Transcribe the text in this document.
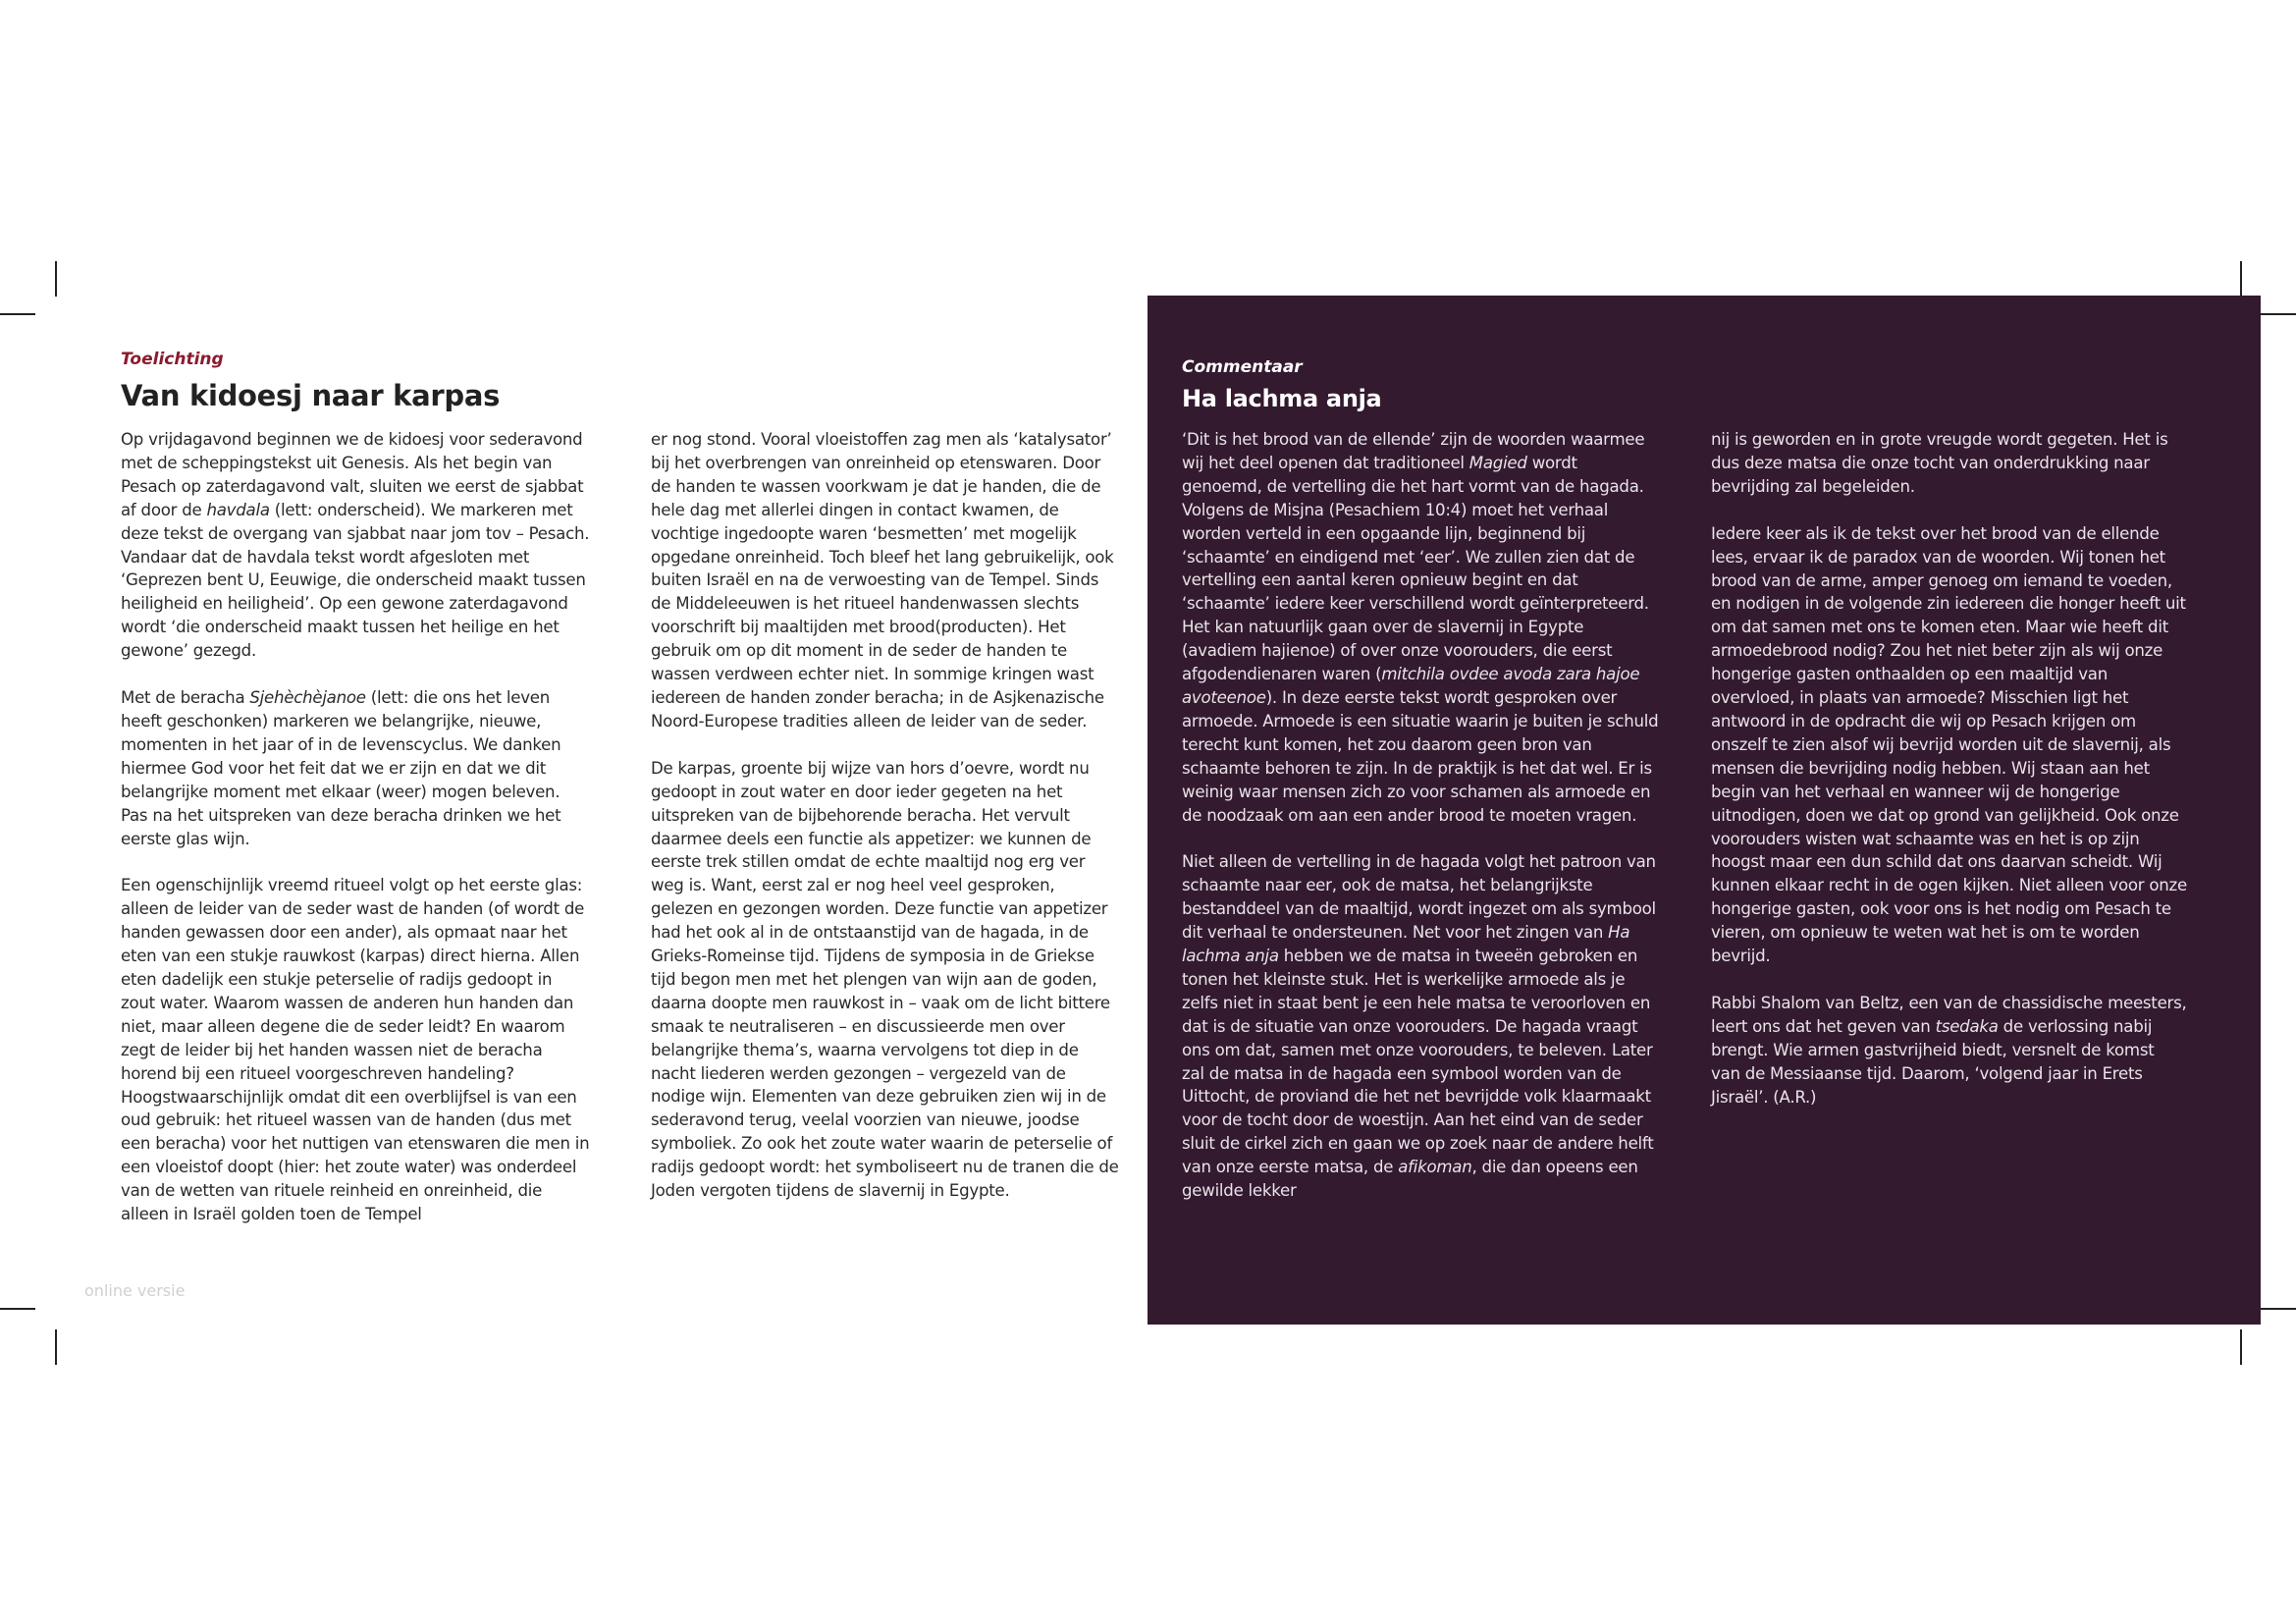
Toelichting

Van kidoesj naar karpas

Op vrijdagavond beginnen we de kidoesj voor sederavond met de scheppingstekst uit Genesis. Als het begin van Pesach op zaterdagavond valt, sluiten we eerst de sjabbat af door de havdala (lett: onderscheid). We markeren met deze tekst de overgang van sjabbat naar jom tov – Pesach. Vandaar dat de havdala tekst wordt afgesloten met ‘Geprezen bent U, Eeuwige, die onderscheid maakt tussen heiligheid en heiligheid’. Op een gewone zaterdagavond wordt ‘die onderscheid maakt tussen het heilige en het gewone’ gezegd.

Met de beracha Sjehèchèjanoe (lett: die ons het leven heeft geschonken) markeren we belangrijke, nieuwe, momenten in het jaar of in de levenscyclus. We danken hiermee God voor het feit dat we er zijn en dat we dit belangrijke moment met elkaar (weer) mogen beleven. Pas na het uitspreken van deze beracha drinken we het eerste glas wijn.

Een ogenschijnlijk vreemd ritueel volgt op het eerste glas: alleen de leider van de seder wast de handen (of wordt de handen gewassen door een ander), als opmaat naar het eten van een stukje rauwkost (karpas) direct hierna. Allen eten dadelijk een stukje peterselie of radijs gedoopt in zout water. Waarom wassen de anderen hun handen dan niet, maar alleen degene die de seder leidt? En waarom zegt de leider bij het handen wassen niet de beracha horend bij een ritueel voorgeschreven handeling? Hoogstwaarschijnlijk omdat dit een overblijfsel is van een oud gebruik: het ritueel wassen van de handen (dus met een beracha) voor het nuttigen van etenswaren die men in een vloeistof doopt (hier: het zoute water) was onderdeel van de wetten van rituele reinheid en onreinheid, die alleen in Israël golden toen de Tempel

er nog stond. Vooral vloeistoffen zag men als ‘katalysator’ bij het overbrengen van onreinheid op etenswaren. Door de handen te wassen voorkwam je dat je handen, die de hele dag met allerlei dingen in contact kwamen, de vochtige ingedoopte waren ‘besmetten’ met mogelijk opgedane onreinheid. Toch bleef het lang gebruikelijk, ook buiten Israël en na de verwoesting van de Tempel. Sinds de Middeleeuwen is het ritueel handenwassen slechts voorschrift bij maaltijden met brood(producten). Het gebruik om op dit moment in de seder de handen te wassen verdween echter niet. In sommige kringen wast iedereen de handen zonder beracha; in de Asjkenazische Noord-Europese tradities alleen de leider van de seder.

De karpas, groente bij wijze van hors d’oevre, wordt nu gedoopt in zout water en door ieder gegeten na het uitspreken van de bijbehorende beracha. Het vervult daarmee deels een functie als appetizer: we kunnen de eerste trek stillen omdat de echte maaltijd nog erg ver weg is. Want, eerst zal er nog heel veel gesproken, gelezen en gezongen worden. Deze functie van appetizer had het ook al in de ontstaanstijd van de hagada, in de Grieks-Romeinse tijd. Tijdens de symposia in de Griekse tijd begon men met het plengen van wijn aan de goden, daarna doopte men rauwkost in – vaak om de licht bittere smaak te neutraliseren – en discussieerde men over belangrijke thema’s, waarna vervolgens tot diep in de nacht liederen werden gezongen – vergezeld van de nodige wijn. Elementen van deze gebruiken zien wij in de sederavond terug, veelal voorzien van nieuwe, joodse symboliek. Zo ook het zoute water waarin de peterselie of radijs gedoopt wordt: het symboliseert nu de tranen die de Joden vergoten tijdens de slavernij in Egypte.

Commentaar

Ha lachma anja

‘Dit is het brood van de ellende’ zijn de woorden waarmee wij het deel openen dat traditioneel Magied wordt genoemd, de vertelling die het hart vormt van de hagada. Volgens de Misjna (Pesachiem 10:4) moet het verhaal worden verteld in een opgaande lijn, beginnend bij ‘schaamte’ en eindigend met ‘eer’. We zullen zien dat de vertelling een aantal keren opnieuw begint en dat ‘schaamte’ iedere keer verschillend wordt geïnterpreteerd. Het kan natuurlijk gaan over de slavernij in Egypte (avadiem hajienoe) of over onze voorouders, die eerst afgodendienaren waren (mitchila ovdee avoda zara hajoe avoteenoe). In deze eerste tekst wordt gesproken over armoede. Armoede is een situatie waarin je buiten je schuld terecht kunt komen, het zou daarom geen bron van schaamte behoren te zijn. In de praktijk is het dat wel. Er is weinig waar mensen zich zo voor schamen als armoede en de noodzaak om aan een ander brood te moeten vragen.

Niet alleen de vertelling in de hagada volgt het patroon van schaamte naar eer, ook de matsa, het belangrijkste bestanddeel van de maaltijd, wordt ingezet om als symbool dit verhaal te ondersteunen. Net voor het zingen van Ha lachma anja hebben we de matsa in tweeën gebroken en tonen het kleinste stuk. Het is werkelijke armoede als je zelfs niet in staat bent je een hele matsa te veroorloven en dat is de situatie van onze voorouders. De hagada vraagt ons om dat, samen met onze voorouders, te beleven. Later zal de matsa in de hagada een symbool worden van de Uittocht, de proviand die het net bevrijdde volk klaarmaakt voor de tocht door de woestijn. Aan het eind van de seder sluit de cirkel zich en gaan we op zoek naar de andere helft van onze eerste matsa, de afikoman, die dan opeens een gewilde lekker

nij is geworden en in grote vreugde wordt gegeten. Het is dus deze matsa die onze tocht van onderdrukking naar bevrijding zal begeleiden.

Iedere keer als ik de tekst over het brood van de ellende lees, ervaar ik de paradox van de woorden. Wij tonen het brood van de arme, amper genoeg om iemand te voeden, en nodigen in de volgende zin iedereen die honger heeft uit om dat samen met ons te komen eten. Maar wie heeft dit armoedebrood nodig? Zou het niet beter zijn als wij onze hongerige gasten onthaalden op een maaltijd van overvloed, in plaats van armoede? Misschien ligt het antwoord in de opdracht die wij op Pesach krijgen om onszelf te zien alsof wij bevrijd worden uit de slavernij, als mensen die bevrijding nodig hebben. Wij staan aan het begin van het verhaal en wanneer wij de hongerige uitnodigen, doen we dat op grond van gelijkheid. Ook onze voorouders wisten wat schaamte was en het is op zijn hoogst maar een dun schild dat ons daarvan scheidt. Wij kunnen elkaar recht in de ogen kijken. Niet alleen voor onze hongerige gasten, ook voor ons is het nodig om Pesach te vieren, om opnieuw te weten wat het is om te worden bevrijd.

Rabbi Shalom van Beltz, een van de chassidische meesters, leert ons dat het geven van tsedaka de verlossing nabij brengt. Wie armen gastvrijheid biedt, versnelt de komst van de Messiaanse tijd. Daarom, ‘volgend jaar in Erets Jisraël’. (A.R.)

online versie
